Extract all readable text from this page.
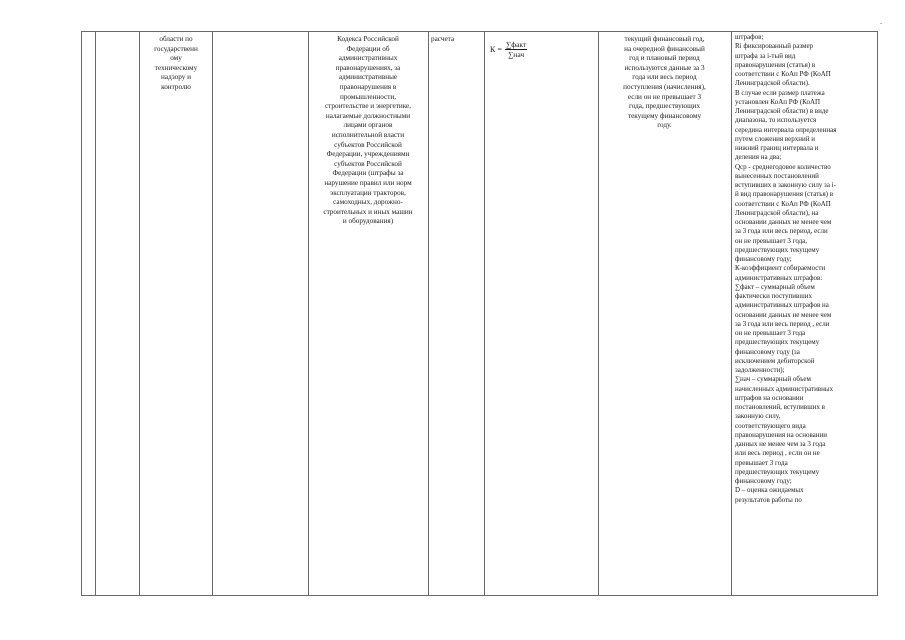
области по
государственн
ому
техническому
надзору и
контролю
Кодекса Российской
Федерации об
административных
правонарушениях, за
административные
правонарушения в
промышленности,
строительстве и энергетике,
налагаемые должностными
лицами органов
исполнительной власти
субъектов Российской
Федерации, учреждениями
субъектов Российской
Федерации (штрафы за
нарушение правил или норм
эксплуатации тракторов,
самоходных, дорожно-
строительных и иных машин
и оборудования)
расчета
$К = \frac{\text{∑факт}}{\text{∑нач}}$
текущий финансовый год,
на очередной финансовый
год и плановый период
используются данные за 3
года или весь период
поступления (начисления),
если он не превышает 3
года, предшествующих
текущему финансовому
году.
штрафов;
Ri фиксированный размер
штрафа за i-тый вид
правонарушения (статья) в
соответствии с КоАп РФ (КоАП
Ленинградской области).
В случае если размер платежа
установлен КоАп РФ (КоАП
Ленинградской области) в виде
диапазона, то используется
середина интервала определенная
путем сложения верхний и
нижний границ интервала и
деления на два;
Qср - среднегодовое количество
вынесенных постановлений
вступивших в законную силу за i-
й вид правонарушения (статья) в
соответствии с КоАп РФ (КоАП
Ленинградской области), на
основании данных не менее чем
за 3 года или весь период, если
он не превышает 3 года,
предшествующих текущему
финансовому году;
К-коэффициент собираемости
административных штрафов:
∑факт – суммарный объем
фактически поступивших
административных штрафов на
основании данных не менее чем
за 3 года или весь период , если
он не превышает 3 года
предшествующих текущему
финансовому году (за
исключением дебиторской
задолженности);
∑нач – суммарный объем
начисленных административных
штрафов на основании
постановлений, вступивших в
законную силу,
соответствующего вида
правонарушения на основании
данных не менее чем за 3 года
или весь период , если он не
превышает 3 года
предшествующих текущему
финансовому году;
D – оценка ожидаемых
результатов работы по
-
